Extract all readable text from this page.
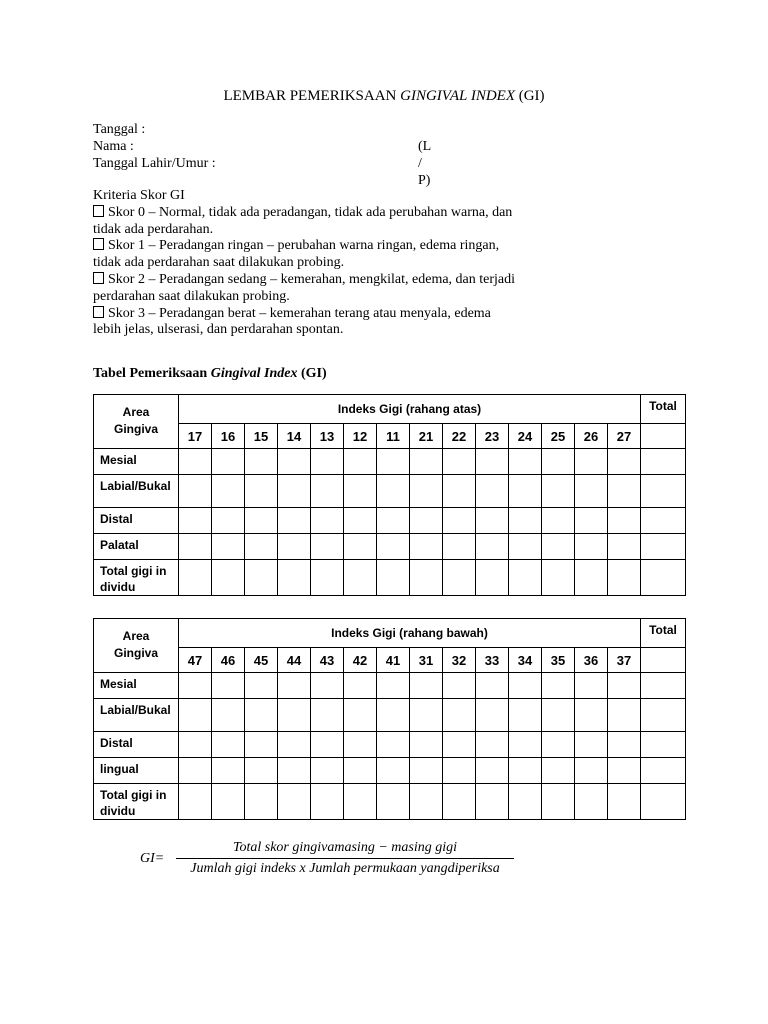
LEMBAR PEMERIKSAAN GINGIVAL INDEX (GI)
Tanggal :
Nama :	(L / P)
Tanggal Lahir/Umur :
Kriteria Skor GI
Skor 0 – Normal, tidak ada peradangan, tidak ada perubahan warna, dan
tidak ada perdarahan.
Skor 1 – Peradangan ringan – perubahan warna ringan, edema ringan,
tidak ada perdarahan saat dilakukan probing.
Skor 2 – Peradangan sedang – kemerahan, mengkilat, edema, dan terjadi
perdarahan saat dilakukan probing.
Skor 3 – Peradangan berat – kemerahan terang atau menyala, edema
lebih jelas, ulserasi, dan perdarahan spontan.
Tabel Pemeriksaan Gingival Index (GI)
Area Gingiva	Indeks Gigi (rahang atas)														Total
	17	16	15	14	13	12	11	21	22	23	24	25	26	27	
Mesial															
Labial/Bukal															
Distal															
Palatal															
Total gigi individu															
Area Gingiva	Indeks Gigi (rahang bawah)														Total
	47	46	45	44	43	42	41	31	32	33	34	35	36	37	
Mesial															
Labial/Bukal															
Distal															
lingual															
Total gigi individu															
GI=
Total skor gingivamasing − masing gigi
Jumlah gigi indeks x Jumlah permukaan yangdiperiksa
